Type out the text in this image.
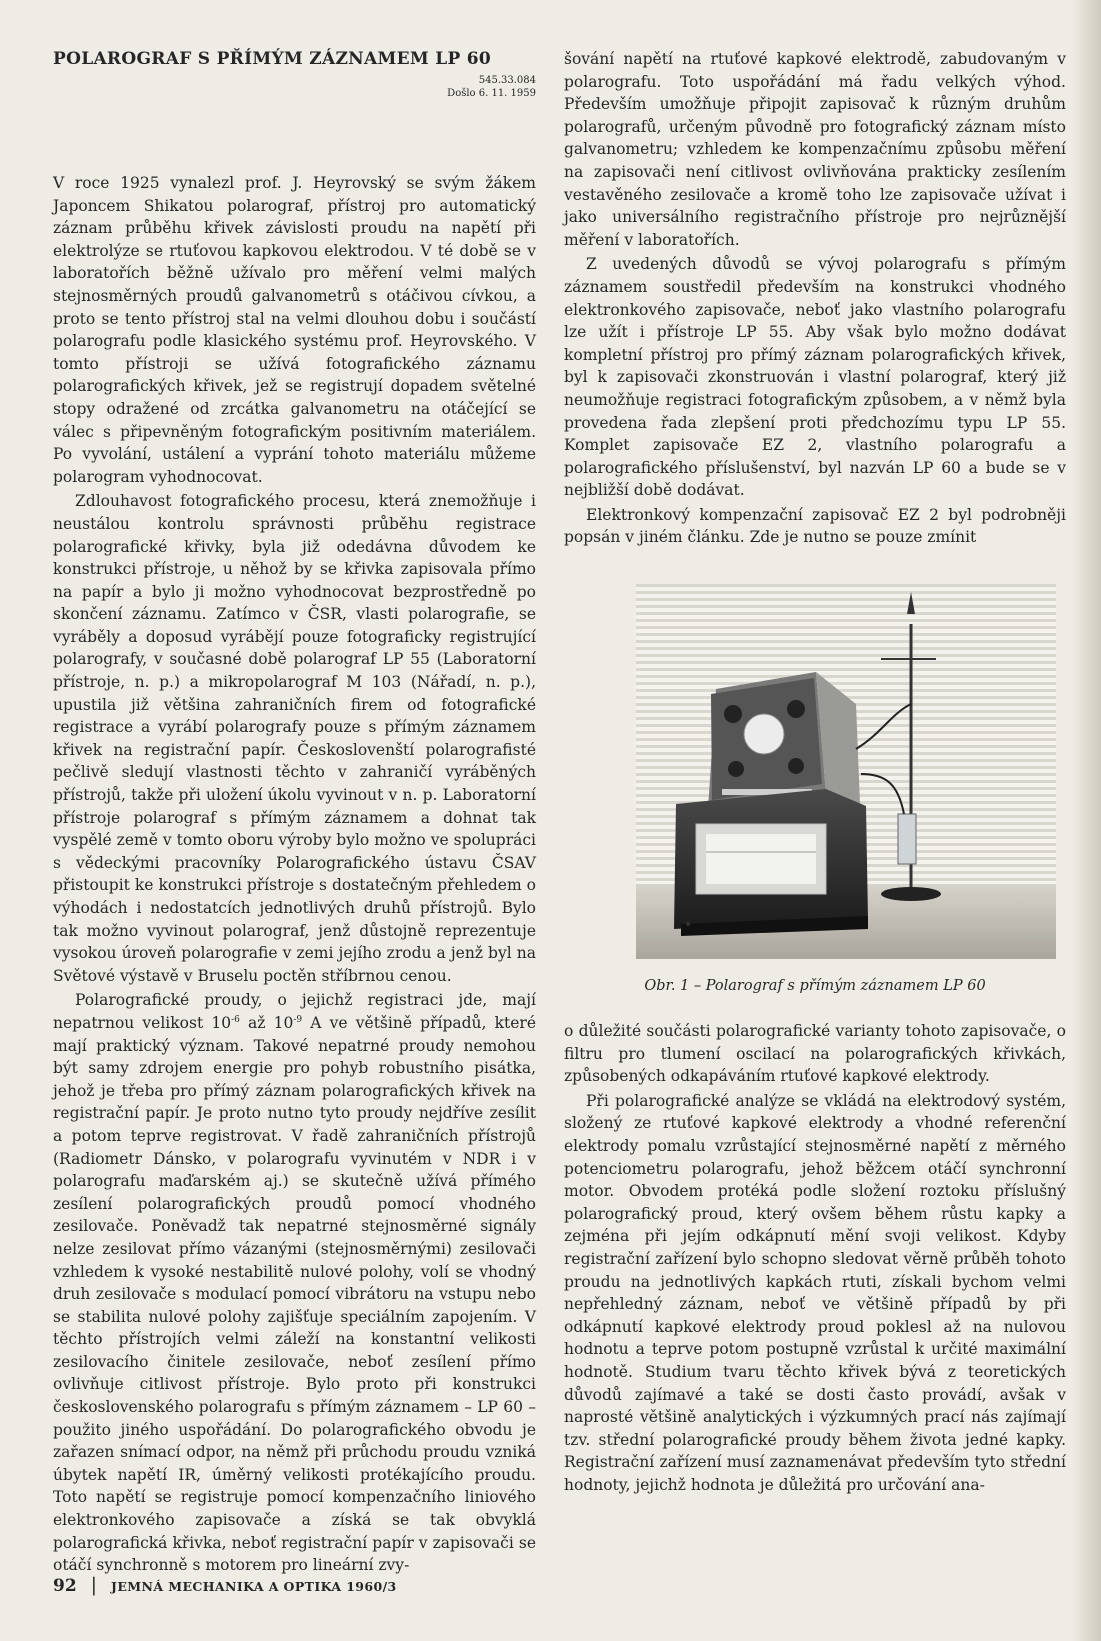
POLAROGRAF S PŘÍMÝM ZÁZNAMEM LP 60
545.33.084
Došlo 6. 11. 1959

V roce 1925 vynalezl prof. J. Heyrovský se svým žákem Japoncem Shikatou polarograf, přístroj pro automatický záznam průběhu křivek závislosti proudu na napětí při elektrolýze se rtuťovou kapkovou elektrodou. V té době se v laboratořích běžně užívalo pro měření velmi malých stejnosměrných proudů galvanometrů s otáčivou cívkou, a proto se tento přístroj stal na velmi dlouhou dobu i součástí polarografu podle klasického systému prof. Heyrovského. V tomto přístroji se užívá fotografického záznamu polarografických křivek, jež se registrují dopadem světelné stopy odražené od zrcátka galvanometru na otáčející se válec s připevněným fotografickým positivním materiálem. Po vyvolání, ustálení a vyprání tohoto materiálu můžeme polarogram vyhodnocovat.

Zdlouhavost fotografického procesu, která znemožňuje i neustálou kontrolu správnosti průběhu registrace polarografické křivky, byla již odedávna důvodem ke konstrukci přístroje, u něhož by se křivka zapisovala přímo na papír a bylo ji možno vyhodnocovat bezprostředně po skončení záznamu. Zatímco v ČSR, vlasti polarografie, se vyráběly a doposud vyrábějí pouze fotograficky registrující polarografy, v současné době polarograf LP 55 (Laboratorní přístroje, n. p.) a mikropolarograf M 103 (Nářadí, n. p.), upustila již většina zahraničních firem od fotografické registrace a vyrábí polarografy pouze s přímým záznamem křivek na registrační papír. Českoslovenští polarografisté pečlivě sledují vlastnosti těchto v zahraničí vyráběných přístrojů, takže při uložení úkolu vyvinout v n. p. Laboratorní přístroje polarograf s přímým záznamem a dohnat tak vyspělé země v tomto oboru výroby bylo možno ve spolupráci s vědeckými pracovníky Polarografického ústavu ČSAV přistoupit ke konstrukci přístroje s dostatečným přehledem o výhodách i nedostatcích jednotlivých druhů přístrojů. Bylo tak možno vyvinout polarograf, jenž důstojně reprezentuje vysokou úroveň polarografie v zemi jejího zrodu a jenž byl na Světové výstavě v Bruselu poctěn stříbrnou cenou.

Polarografické proudy, o jejichž registraci jde, mají nepatrnou velikost $10^{-6}$ až $10^{-9}$ A ve většině případů, které mají praktický význam. Takové nepatrné proudy nemohou být samy zdrojem energie pro pohyb robustního pisátka, jehož je třeba pro přímý záznam polarografických křivek na registrační papír. Je proto nutno tyto proudy nejdříve zesílit a potom teprve registrovat. V řadě zahraničních přístrojů (Radiometr Dánsko, v polarografu vyvinutém v NDR i v polarografu maďarském aj.) se skutečně užívá přímého zesílení polarografických proudů pomocí vhodného zesilovače. Poněvadž tak nepatrné stejnosměrné signály nelze zesilovat přímo vázanými (stejnosměrnými) zesilovači vzhledem k vysoké nestabilitě nulové polohy, volí se vhodný druh zesilovače s modulací pomocí vibrátoru na vstupu nebo se stabilita nulové polohy zajišťuje speciálním zapojením. V těchto přístrojích velmi záleží na konstantní velikosti zesilovacího činitele zesilovače, neboť zesílení přímo ovlivňuje citlivost přístroje. Bylo proto při konstrukci československého polarografu s přímým záznamem – LP 60 – použito jiného uspořádání. Do polarografického obvodu je zařazen snímací odpor, na němž při průchodu proudu vzniká úbytek napětí IR, úměrný velikosti protékajícího proudu. Toto napětí se registruje pomocí kompenzačního liniového elektronkového zapisovače a získá se tak obvyklá polarografická křivka, neboť registrační papír v zapisovači se otáčí synchronně s motorem pro lineární zvy-

šování napětí na rtuťové kapkové elektrodě, zabudovaným v polarografu. Toto uspořádání má řadu velkých výhod. Především umožňuje připojit zapisovač k různým druhům polarografů, určeným původně pro fotografický záznam místo galvanometru; vzhledem ke kompenzačnímu způsobu měření na zapisovači není citlivost ovlivňována prakticky zesílením vestavěného zesilovače a kromě toho lze zapisovače užívat i jako universálního registračního přístroje pro nejrůznější měření v laboratořích.

Z uvedených důvodů se vývoj polarografu s přímým záznamem soustředil především na konstrukci vhodného elektronkového zapisovače, neboť jako vlastního polarografu lze užít i přístroje LP 55. Aby však bylo možno dodávat kompletní přístroj pro přímý záznam polarografických křivek, byl k zapisovači zkonstruován i vlastní polarograf, který již neumožňuje registraci fotografickým způsobem, a v němž byla provedena řada zlepšení proti předchozímu typu LP 55. Komplet zapisovače EZ 2, vlastního polarografu a polarografického příslušenství, byl nazván LP 60 a bude se v nejbližší době dodávat.

Elektronkový kompenzační zapisovač EZ 2 byl podrobněji popsán v jiném článku. Zde je nutno se pouze zmínit

Obr. 1 – Polarograf s přímým záznamem LP 60

o důležité součásti polarografické varianty tohoto zapisovače, o filtru pro tlumení oscilací na polarografických křivkách, způsobených odkapáváním rtuťové kapkové elektrody.

Při polarografické analýze se vkládá na elektrodový systém, složený ze rtuťové kapkové elektrody a vhodné referenční elektrody pomalu vzrůstající stejnosměrné napětí z měrného potenciometru polarografu, jehož běžcem otáčí synchronní motor. Obvodem protéká podle složení roztoku příslušný polarografický proud, který ovšem během růstu kapky a zejména při jejím odkápnutí mění svoji velikost. Kdyby registrační zařízení bylo schopno sledovat věrně průběh tohoto proudu na jednotlivých kapkách rtuti, získali bychom velmi nepřehledný záznam, neboť ve většině případů by při odkápnutí kapkové elektrody proud poklesl až na nulovou hodnotu a teprve potom postupně vzrůstal k určité maximální hodnotě. Studium tvaru těchto křivek bývá z teoretických důvodů zajímavé a také se dosti často provádí, avšak v naprosté většině analytických i výzkumných prací nás zajímají tzv. střední polarografické proudy během života jedné kapky. Registrační zařízení musí zaznamenávat především tyto střední hodnoty, jejichž hodnota je důležitá pro určování ana-

92 | JEMNÁ MECHANIKA A OPTIKA 1960/3
